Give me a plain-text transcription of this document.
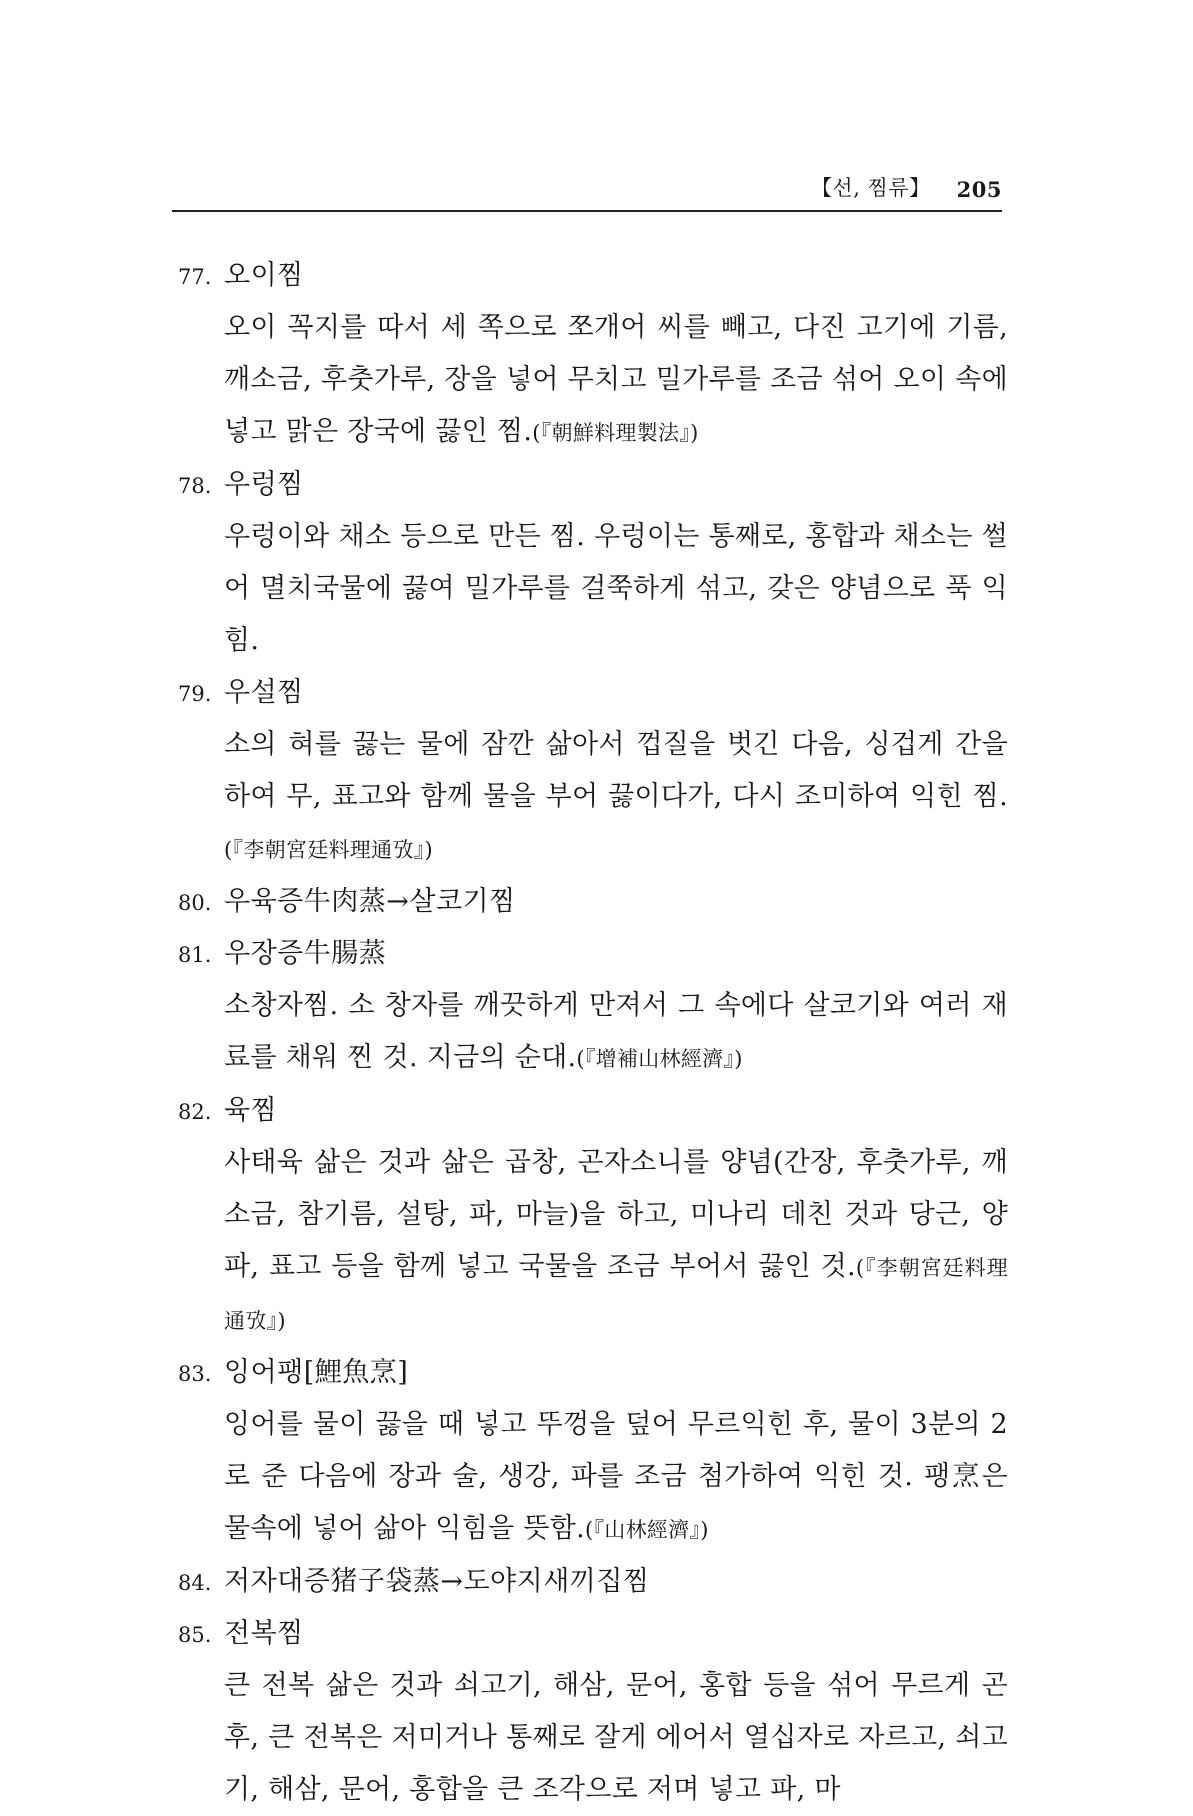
【선, 찜류】 205
77. 오이찜
오이 꼭지를 따서 세 쪽으로 쪼개어 씨를 빼고, 다진 고기에 기름, 깨소금, 후춧가루, 장을 넣어 무치고 밀가루를 조금 섞어 오이 속에 넣고 맑은 장국에 끓인 찜.(『朝鮮料理製法』)
78. 우렁찜
우렁이와 채소 등으로 만든 찜. 우렁이는 통째로, 홍합과 채소는 썰어 멸치국물에 끓여 밀가루를 걸쭉하게 섞고, 갖은 양념으로 푹 익힘.
79. 우설찜
소의 혀를 끓는 물에 잠깐 삶아서 껍질을 벗긴 다음, 싱겁게 간을 하여 무, 표고와 함께 물을 부어 끓이다가, 다시 조미하여 익힌 찜.(『李朝宮廷料理通攷』)
80. 우육증牛肉蒸→살코기찜
81. 우장증牛腸蒸
소창자찜. 소 창자를 깨끗하게 만져서 그 속에다 살코기와 여러 재료를 채워 찐 것. 지금의 순대.(『增補山林經濟』)
82. 육찜
사태육 삶은 것과 삶은 곱창, 곤자소니를 양념(간장, 후춧가루, 깨소금, 참기름, 설탕, 파, 마늘)을 하고, 미나리 데친 것과 당근, 양파, 표고 등을 함께 넣고 국물을 조금 부어서 끓인 것.(『李朝宮廷料理通攷』)
83. 잉어팽[鯉魚烹]
잉어를 물이 끓을 때 넣고 뚜껑을 덮어 무르익힌 후, 물이 3분의 2로 준 다음에 장과 술, 생강, 파를 조금 첨가하여 익힌 것. 팽烹은 물속에 넣어 삶아 익힘을 뜻함.(『山林經濟』)
84. 저자대증猪子袋蒸→도야지새끼집찜
85. 전복찜
큰 전복 삶은 것과 쇠고기, 해삼, 문어, 홍합 등을 섞어 무르게 곤 후, 큰 전복은 저미거나 통째로 잘게 에어서 열십자로 자르고, 쇠고기, 해삼, 문어, 홍합을 큰 조각으로 저며 넣고 파, 마
